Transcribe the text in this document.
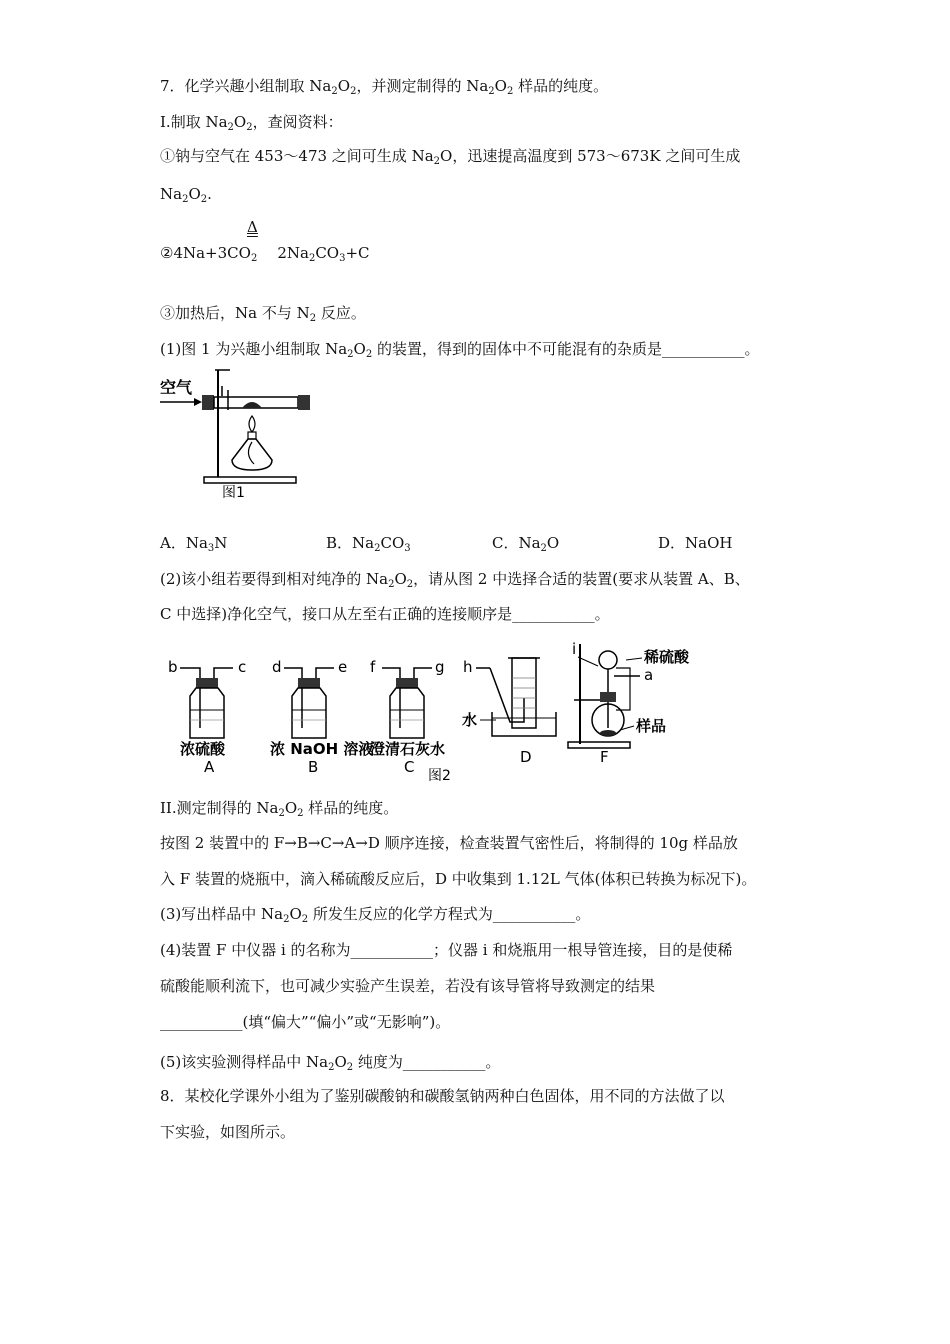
7．化学兴趣小组制取 $Na_2O_2$，并测定制得的 $Na_2O_2$ 样品的纯度。
I.制取 $Na_2O_2$，查阅资料：
①钠与空气在 453～473 之间可生成 $Na_2O$，迅速提高温度到 573～673K 之间可生成
$Na_2O_2$.
Δ
$②4Na+3CO_2$ $2Na_2CO_3+C$
③加热后，Na 不与 $N_2$ 反应。
(1)图 1 为兴趣小组制取 $Na_2O_2$ 的装置，得到的固体中不可能混有的杂质是___________。
空气
图1
A．$Na_3N$	B．$Na_2CO_3$	C．$Na_2O$	D．NaOH
(2)该小组若要得到相对纯净的 $Na_2O_2$，请从图 2 中选择合适的装置(要求从装置 A、B、
C 中选择)净化空气，接口从左至右正确的连接顺序是___________。
b	c
浓硫酸
A
d	e
浓 NaOH 溶液
B
f	g
澄清石灰水
C
h
水
D
i	稀硫酸
a
样品
F
图2
II.测定制得的 $Na_2O_2$ 样品的纯度。
按图 2 装置中的 F→B→C→A→D 顺序连接，检查装置气密性后，将制得的 10g 样品放
入 F 装置的烧瓶中，滴入稀硫酸反应后，D 中收集到 1.12L 气体(体积已转换为标况下)。
(3)写出样品中 $Na_2O_2$ 所发生反应的化学方程式为___________。
(4)装置 F 中仪器 i 的名称为___________；仪器 i 和烧瓶用一根导管连接，目的是使稀
硫酸能顺利流下，也可减少实验产生误差，若没有该导管将导致测定的结果
___________(填“偏大”“偏小”或“无影响”)。
(5)该实验测得样品中 $Na_2O_2$ 纯度为___________。
8．某校化学课外小组为了鉴别碳酸钠和碳酸氢钠两种白色固体，用不同的方法做了以
下实验，如图所示。
